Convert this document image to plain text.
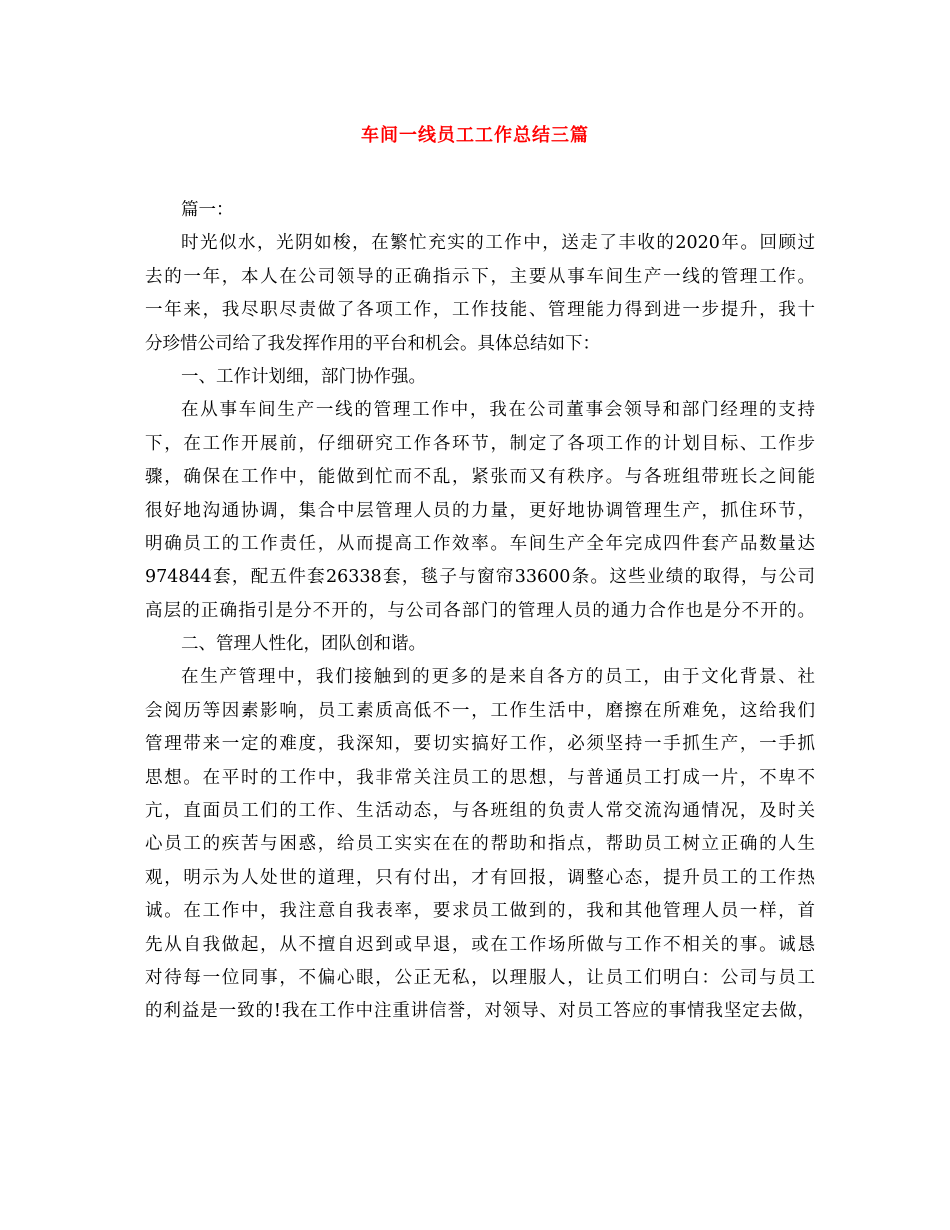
车间一线员工工作总结三篇
篇一：
时光似水，光阴如梭，在繁忙充实的工作中，送走了丰收的2020年。回顾过
去的一年，本人在公司领导的正确指示下，主要从事车间生产一线的管理工作。
一年来，我尽职尽责做了各项工作，工作技能、管理能力得到进一步提升，我十
分珍惜公司给了我发挥作用的平台和机会。具体总结如下：
一、工作计划细，部门协作强。
在从事车间生产一线的管理工作中，我在公司董事会领导和部门经理的支持
下，在工作开展前，仔细研究工作各环节，制定了各项工作的计划目标、工作步
骤，确保在工作中，能做到忙而不乱，紧张而又有秩序。与各班组带班长之间能
很好地沟通协调，集合中层管理人员的力量，更好地协调管理生产，抓住环节，
明确员工的工作责任，从而提高工作效率。车间生产全年完成四件套产品数量达
974844套，配五件套26338套，毯子与窗帘33600条。这些业绩的取得，与公司
高层的正确指引是分不开的，与公司各部门的管理人员的通力合作也是分不开的。
二、管理人性化，团队创和谐。
在生产管理中，我们接触到的更多的是来自各方的员工，由于文化背景、社
会阅历等因素影响，员工素质高低不一，工作生活中，磨擦在所难免，这给我们
管理带来一定的难度，我深知，要切实搞好工作，必须坚持一手抓生产，一手抓
思想。在平时的工作中，我非常关注员工的思想，与普通员工打成一片，不卑不
亢，直面员工们的工作、生活动态，与各班组的负责人常交流沟通情况，及时关
心员工的疾苦与困惑，给员工实实在在的帮助和指点，帮助员工树立正确的人生
观，明示为人处世的道理，只有付出，才有回报，调整心态，提升员工的工作热
诚。在工作中，我注意自我表率，要求员工做到的，我和其他管理人员一样，首
先从自我做起，从不擅自迟到或早退，或在工作场所做与工作不相关的事。诚恳
对待每一位同事，不偏心眼，公正无私，以理服人，让员工们明白：公司与员工
的利益是一致的!我在工作中注重讲信誉，对领导、对员工答应的事情我坚定去做，
